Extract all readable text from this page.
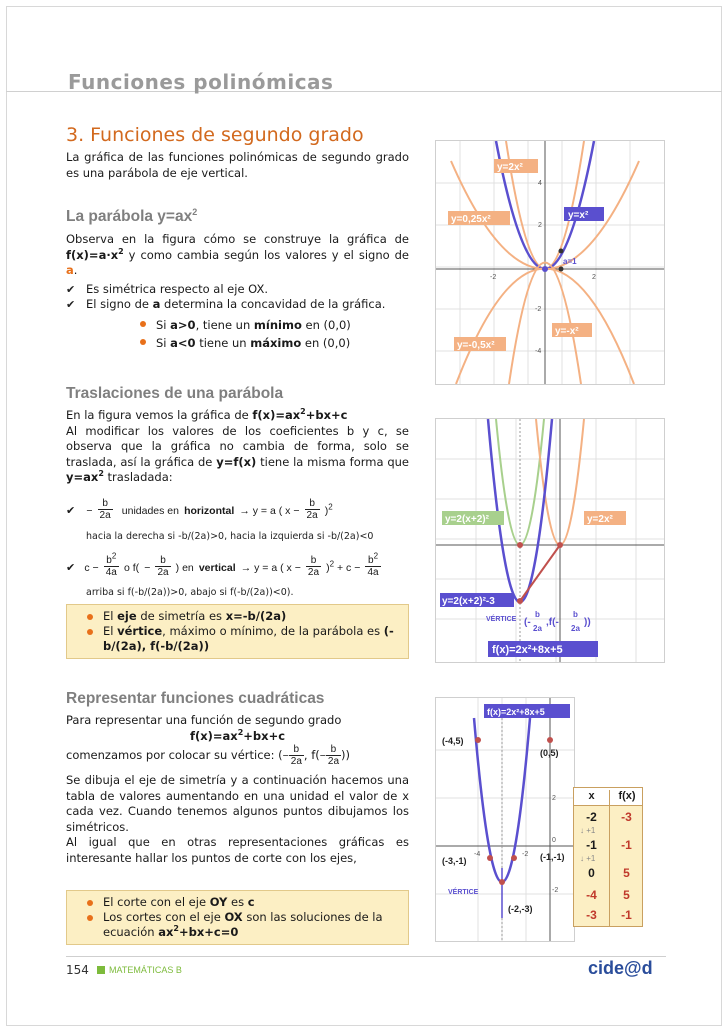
Funciones polinómicas
3. Funciones de segundo grado
La gráfica de las funciones polinómicas de segundo grado es una parábola de eje vertical.
La parábola $y=ax^2$
Observa en la figura cómo se construye la gráfica de $f(x)=a\cdot x^2$ y como cambia según los valores y el signo de a.
✔ Es simétrica respecto al eje OX.
✔ El signo de a determina la concavidad de la gráfica.
Si a>0, tiene un mínimo en (0,0)
Si a<0 tiene un máximo en (0,0)
Traslaciones de una parábola
En la figura vemos la gráfica de $f(x)=ax^2+bx+c$
Al modificar los valores de los coeficientes b y c, se observa que la gráfica no cambia de forma, solo se traslada, así la gráfica de y=f(x) tiene la misma forma que $y=ax^2$ trasladada:
✔ − $\frac{b}{2a}$ unidades en horizontal → y = a ( $x - \frac{b}{2a} )^2$
hacia la derecha si -b/(2a)>0, hacia la izquierda si -b/(2a)<0
✔ $c - \frac{b^2}{4a}$ o $f( - \frac{b}{2a}$ ) en vertical → y = a ( $x - \frac{b}{2a} )^2 + c - \frac{b^2}{4a}$
arriba si f(-b/(2a))>0, abajo si f(-b/(2a))<0).
El eje de simetría es x=-b/(2a)
El vértice, máximo o mínimo, de la parábola es (-b/(2a), f(-b/(2a))
Representar funciones cuadráticas
Para representar una función de segundo grado
$f(x)=ax^2+bx+c$
comenzamos por colocar su vértice: (− $\frac{b}{2a}$ , $f(- \frac{b}{2a}$ ))
Se dibuja el eje de simetría y a continuación hacemos una tabla de valores aumentando en una unidad el valor de x cada vez. Cuando tenemos algunos puntos dibujamos los simétricos.
Al igual que en otras representaciones gráficas es interesante hallar los puntos de corte con los ejes,
El corte con el eje OY es c
Los cortes con el eje OX son las soluciones de la ecuación $ax^2+bx+c=0$
y=2x²
y=0,25x²	y=x²
a=1
y=-x²
y=-0,5x²
4
2
-2
-4
2
-2
y=2(x+2)²	y=2x²
y=2(x+2)²-3
VÉRTICE (-
b
2a
,f(-
b
2a
))
f(x)=2x²+8x+5
f(x)=2x²+8x+5
(-4,5)
(0,5)
(-3,-1)	(-1,-1)
(-2,-3)
VÉRTICE
2
0
-2
-4	-2
x	f(x)
-2	-3
↓ +1
-1	-1
↓ +1
0	5
-4	5
-3	-1
154 MATEMÁTICAS B	cide@d
